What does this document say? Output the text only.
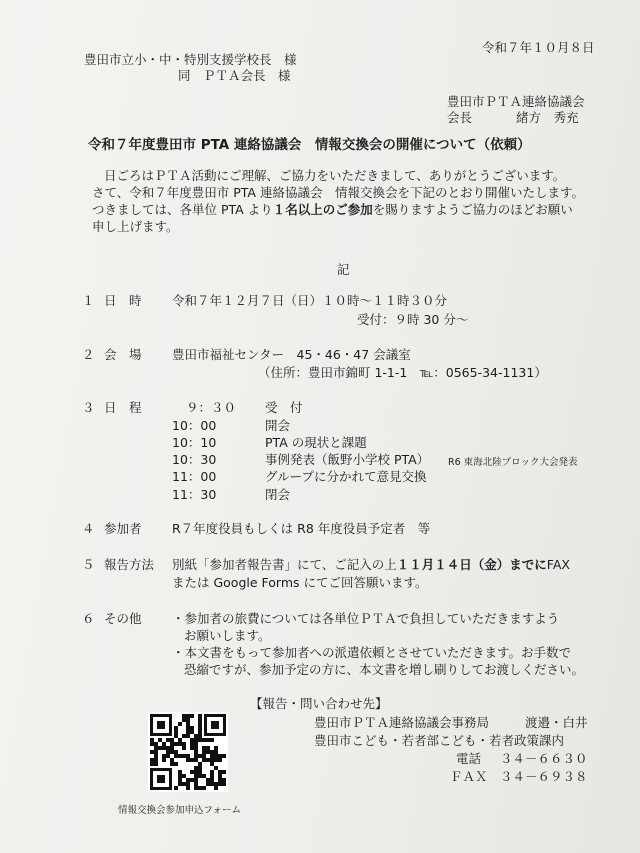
令和７年１０月８日
豊田市立小・中・特別支援学校長　様
同　ＰＴＡ会長　様
豊田市ＰＴＡ連絡協議会
会長	緒方　秀充
令和７年度豊田市 PTA 連絡協議会　情報交換会の開催について（依頼）
日ごろはＰＴＡ活動にご理解、ご協力をいただきまして、ありがとうございます。
さて、令和７年度豊田市 PTA 連絡協議会　情報交換会を下記のとおり開催いたします。
つきましては、各単位 PTA より１名以上のご参加を賜りますようご協力のほどお願い
申し上げます。
記
１ 日　時 令和７年１２月７日（日）１０時～１１時３０分
受付：９時 30 分～
２ 会　場 豊田市福祉センター　45・46・47 会議室
（住所：豊田市錦町 1-1-1　℡：0565-34-1131）
３ 日　程	９：３０ 受　付
10：00	開会
10：10	PTA の現状と課題
10：30	事例発表（飯野小学校 PTA） R6 東海北陸ブロック大会発表
11：00	グループに分かれて意見交換
11：30	閉会
４ 参加者 R７年度役員もしくは R8 年度役員予定者　等
５ 報告方法 別紙「参加者報告書」にて、ご記入の上１１月１４日（金）までにFAX
または Google Forms にてご回答願います。
６ その他 ・参加者の旅費については各単位ＰＴＡで負担していただきますよう
お願いします。
・本文書をもって参加者への派遣依頼とさせていただきます。お手数で
恐縮ですが、参加予定の方に、本文書を増し刷りしてお渡しください。
【報告・問い合わせ先】
豊田市ＰＴＡ連絡協議会事務局	渡邉・白井
豊田市こども・若者部こども・若者政策課内
電話 ３４－６６３０
ＦＡＸ ３４－６９３８
情報交換会参加申込フォーム
